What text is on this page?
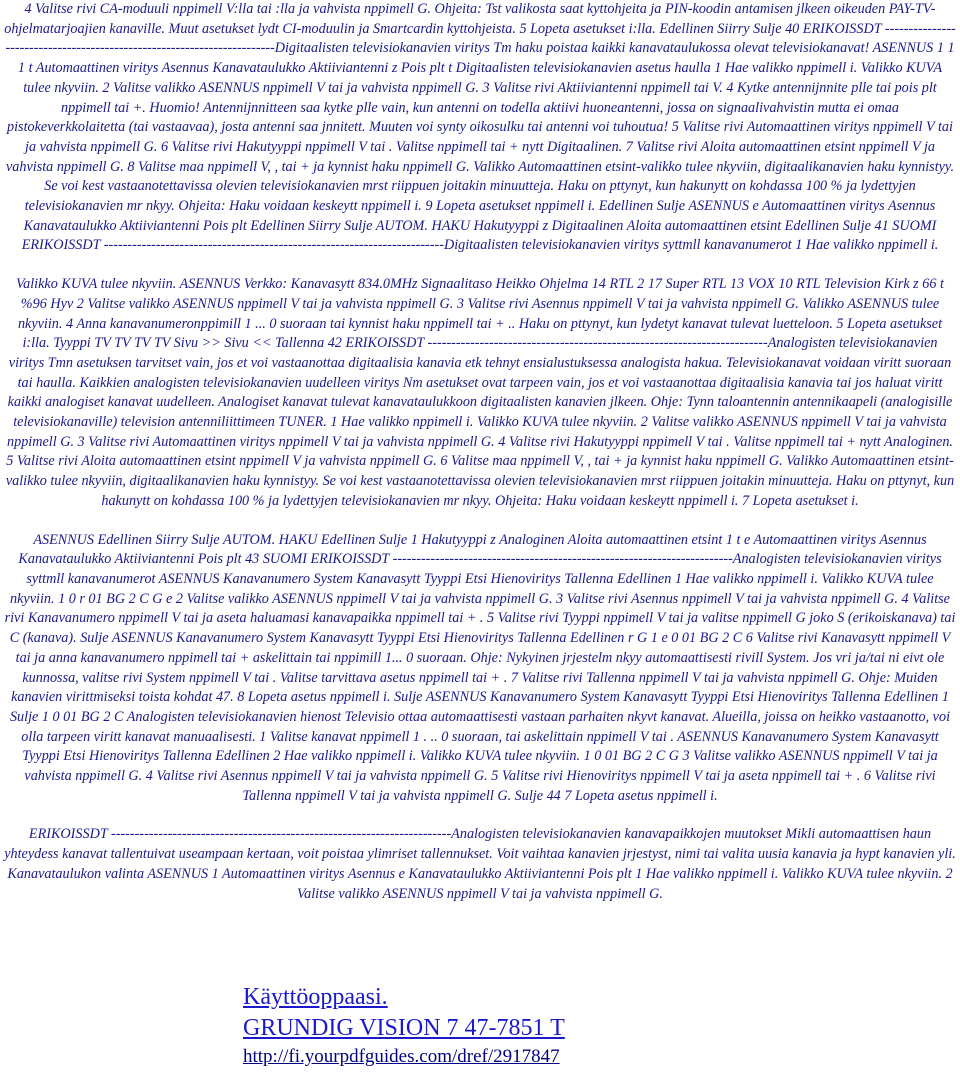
4 Valitse rivi CA-moduuli nppimell V:lla tai :lla ja vahvista nppimell G. Ohjeita: Tst valikosta saat kyttohjeita ja PIN-koodin antamisen jlkeen oikeuden PAY-TV-ohjelmatarjoajien kanaville. Muut asetukset lydt CI-moduulin ja Smartcardin kyttohjeista. 5 Lopeta asetukset i:lla. Edellinen Siirry Sulje 40 ERIKOISSDT ------------------------------------------------------------------------Digitaalisten televisiokanavien viritys Tm haku poistaa kaikki kanavataulukossa olevat televisiokanavat! ASENNUS 1 1 1 t Automaattinen viritys Asennus Kanavataulukko Aktiiviantenni z Pois plt t Digitaalisten televisiokanavien asetus haulla 1 Hae valikko nppimell i. Valikko KUVA tulee nkyviin. 2 Valitse valikko ASENNUS nppimell V tai ja vahvista nppimell G. 3 Valitse rivi Aktiiviantenni nppimell tai V. 4 Kytke antennijnnite plle tai pois plt nppimell tai +. Huomio! Antennijnnitteen saa kytke plle vain, kun antenni on todella aktiivi huoneantenni, jossa on signaalivahvistin mutta ei omaa pistokeverkkolaitetta (tai vastaavaa), josta antenni saa jnnitett. Muuten voi synty oikosulku tai antenni voi tuhoutua! 5 Valitse rivi Automaattinen viritys nppimell V tai ja vahvista nppimell G. 6 Valitse rivi Hakutyyppi nppimell V tai . Valitse nppimell tai + nytt Digitaalinen. 7 Valitse rivi Aloita automaattinen etsint nppimell V ja vahvista nppimell G. 8 Valitse maa nppimell V, , tai + ja kynnist haku nppimell G. Valikko Automaattinen etsint-valikko tulee nkyviin, digitaalikanavien haku kynnistyy. Se voi kest vastaanotettavissa olevien televisiokanavien mrst riippuen joitakin minuutteja. Haku on pttynyt, kun hakunytt on kohdassa 100 % ja lydettyjen televisiokanavien mr nkyy. Ohjeita: Haku voidaan keskeytt nppimell i. 9 Lopeta asetukset nppimell i. Edellinen Sulje ASENNUS e Automaattinen viritys Asennus Kanavataulukko Aktiiviantenni Pois plt Edellinen Siirry Sulje AUTOM. HAKU Hakutyyppi z Digitaalinen Aloita automaattinen etsint Edellinen Sulje 41 SUOMI ERIKOISSDT ------------------------------------------------------------------------Digitaalisten televisiokanavien viritys syttmll kanavanumerot 1 Hae valikko nppimell i.

Valikko KUVA tulee nkyviin. ASENNUS Verkko: Kanavasytt 834.0MHz Signaalitaso Heikko Ohjelma 14 RTL 2 17 Super RTL 13 VOX 10 RTL Television Kirk z 66 t %96 Hyv 2 Valitse valikko ASENNUS nppimell V tai ja vahvista nppimell G. 3 Valitse rivi Asennus nppimell V tai ja vahvista nppimell G. Valikko ASENNUS tulee nkyviin. 4 Anna kanavanumeronppimill 1 ... 0 suoraan tai kynnist haku nppimell tai + .. Haku on pttynyt, kun lydetyt kanavat tulevat luetteloon. 5 Lopeta asetukset i:lla. Tyyppi TV TV TV TV Sivu >> Sivu << Tallenna 42 ERIKOISSDT ------------------------------------------------------------------------Analogisten televisiokanavien viritys Tmn asetuksen tarvitset vain, jos et voi vastaanottaa digitaalisia kanavia etk tehnyt ensialustuksessa analogista hakua. Televisiokanavat voidaan viritt suoraan tai haulla. Kaikkien analogisten televisiokanavien uudelleen viritys Nm asetukset ovat tarpeen vain, jos et voi vastaanottaa digitaalisia kanavia tai jos haluat viritt kaikki analogiset kanavat uudelleen. Analogiset kanavat tulevat kanavataulukkoon digitaalisten kanavien jlkeen. Ohje: Tynn taloantennin antennikaapeli (analogisille televisiokanaville) television antenniliittimeen TUNER. 1 Hae valikko nppimell i. Valikko KUVA tulee nkyviin. 2 Valitse valikko ASENNUS nppimell V tai ja vahvista nppimell G. 3 Valitse rivi Automaattinen viritys nppimell V tai ja vahvista nppimell G. 4 Valitse rivi Hakutyyppi nppimell V tai . Valitse nppimell tai + nytt Analoginen. 5 Valitse rivi Aloita automaattinen etsint nppimell V ja vahvista nppimell G. 6 Valitse maa nppimell V, , tai + ja kynnist haku nppimell G. Valikko Automaattinen etsint-valikko tulee nkyviin, digitaalikanavien haku kynnistyy. Se voi kest vastaanotettavissa olevien televisiokanavien mrst riippuen joitakin minuutteja. Haku on pttynyt, kun hakunytt on kohdassa 100 % ja lydettyjen televisiokanavien mr nkyy. Ohjeita: Haku voidaan keskeytt nppimell i. 7 Lopeta asetukset i.

ASENNUS Edellinen Siirry Sulje AUTOM. HAKU Edellinen Sulje 1 Hakutyyppi z Analoginen Aloita automaattinen etsint 1 t e Automaattinen viritys Asennus Kanavataulukko Aktiiviantenni Pois plt 43 SUOMI ERIKOISSDT ------------------------------------------------------------------------Analogisten televisiokanavien viritys syttmll kanavanumerot ASENNUS Kanavanumero System Kanavasytt Tyyppi Etsi Hienoviritys Tallenna Edellinen 1 Hae valikko nppimell i. Valikko KUVA tulee nkyviin. 1 0 r 01 BG 2 C G e 2 Valitse valikko ASENNUS nppimell V tai ja vahvista nppimell G. 3 Valitse rivi Asennus nppimell V tai ja vahvista nppimell G. 4 Valitse rivi Kanavanumero nppimell V tai ja aseta haluamasi kanavapaikka nppimell tai + . 5 Valitse rivi Tyyppi nppimell V tai ja valitse nppimell G joko S (erikoiskanava) tai C (kanava). Sulje ASENNUS Kanavanumero System Kanavasytt Tyyppi Etsi Hienoviritys Tallenna Edellinen r G 1 e 0 01 BG 2 C 6 Valitse rivi Kanavasytt nppimell V tai ja anna kanavanumero nppimell tai + askelittain tai nppimill 1... 0 suoraan. Ohje: Nykyinen jrjestelm nkyy automaattisesti rivill System. Jos vri ja/tai ni eivt ole kunnossa, valitse rivi System nppimell V tai . Valitse tarvittava asetus nppimell tai + . 7 Valitse rivi Tallenna nppimell V tai ja vahvista nppimell G. Ohje: Muiden kanavien virittmiseksi toista kohdat 47. 8 Lopeta asetus nppimell i. Sulje ASENNUS Kanavanumero System Kanavasytt Tyyppi Etsi Hienoviritys Tallenna Edellinen 1 Sulje 1 0 01 BG 2 C Analogisten televisiokanavien hienost Televisio ottaa automaattisesti vastaan parhaiten nkyvt kanavat. Alueilla, joissa on heikko vastaanotto, voi olla tarpeen viritt kanavat manuaalisesti. 1 Valitse kanavat nppimell 1 . .. 0 suoraan, tai askelittain nppimell V tai . ASENNUS Kanavanumero System Kanavasytt Tyyppi Etsi Hienoviritys Tallenna Edellinen 2 Hae valikko nppimell i. Valikko KUVA tulee nkyviin. 1 0 01 BG 2 C G 3 Valitse valikko ASENNUS nppimell V tai ja vahvista nppimell G. 4 Valitse rivi Asennus nppimell V tai ja vahvista nppimell G. 5 Valitse rivi Hienoviritys nppimell V tai ja aseta nppimell tai + . 6 Valitse rivi Tallenna nppimell V tai ja vahvista nppimell G. Sulje 44 7 Lopeta asetus nppimell i.

ERIKOISSDT ------------------------------------------------------------------------Analogisten televisiokanavien kanavapaikkojen muutokset Mikli automaattisen haun yhteydess kanavat tallentuivat useampaan kertaan, voit poistaa ylimriset tallennukset. Voit vaihtaa kanavien jrjestyst, nimi tai valita uusia kanavia ja hypt kanavien yli. Kanavataulukon valinta ASENNUS 1 Automaattinen viritys Asennus e Kanavataulukko Aktiiviantenni Pois plt 1 Hae valikko nppimell i. Valikko KUVA tulee nkyviin. 2 Valitse valikko ASENNUS nppimell V tai ja vahvista nppimell G.

Käyttöoppaasi.
GRUNDIG VISION 7 47-7851 T
http://fi.yourpdfguides.com/dref/2917847
